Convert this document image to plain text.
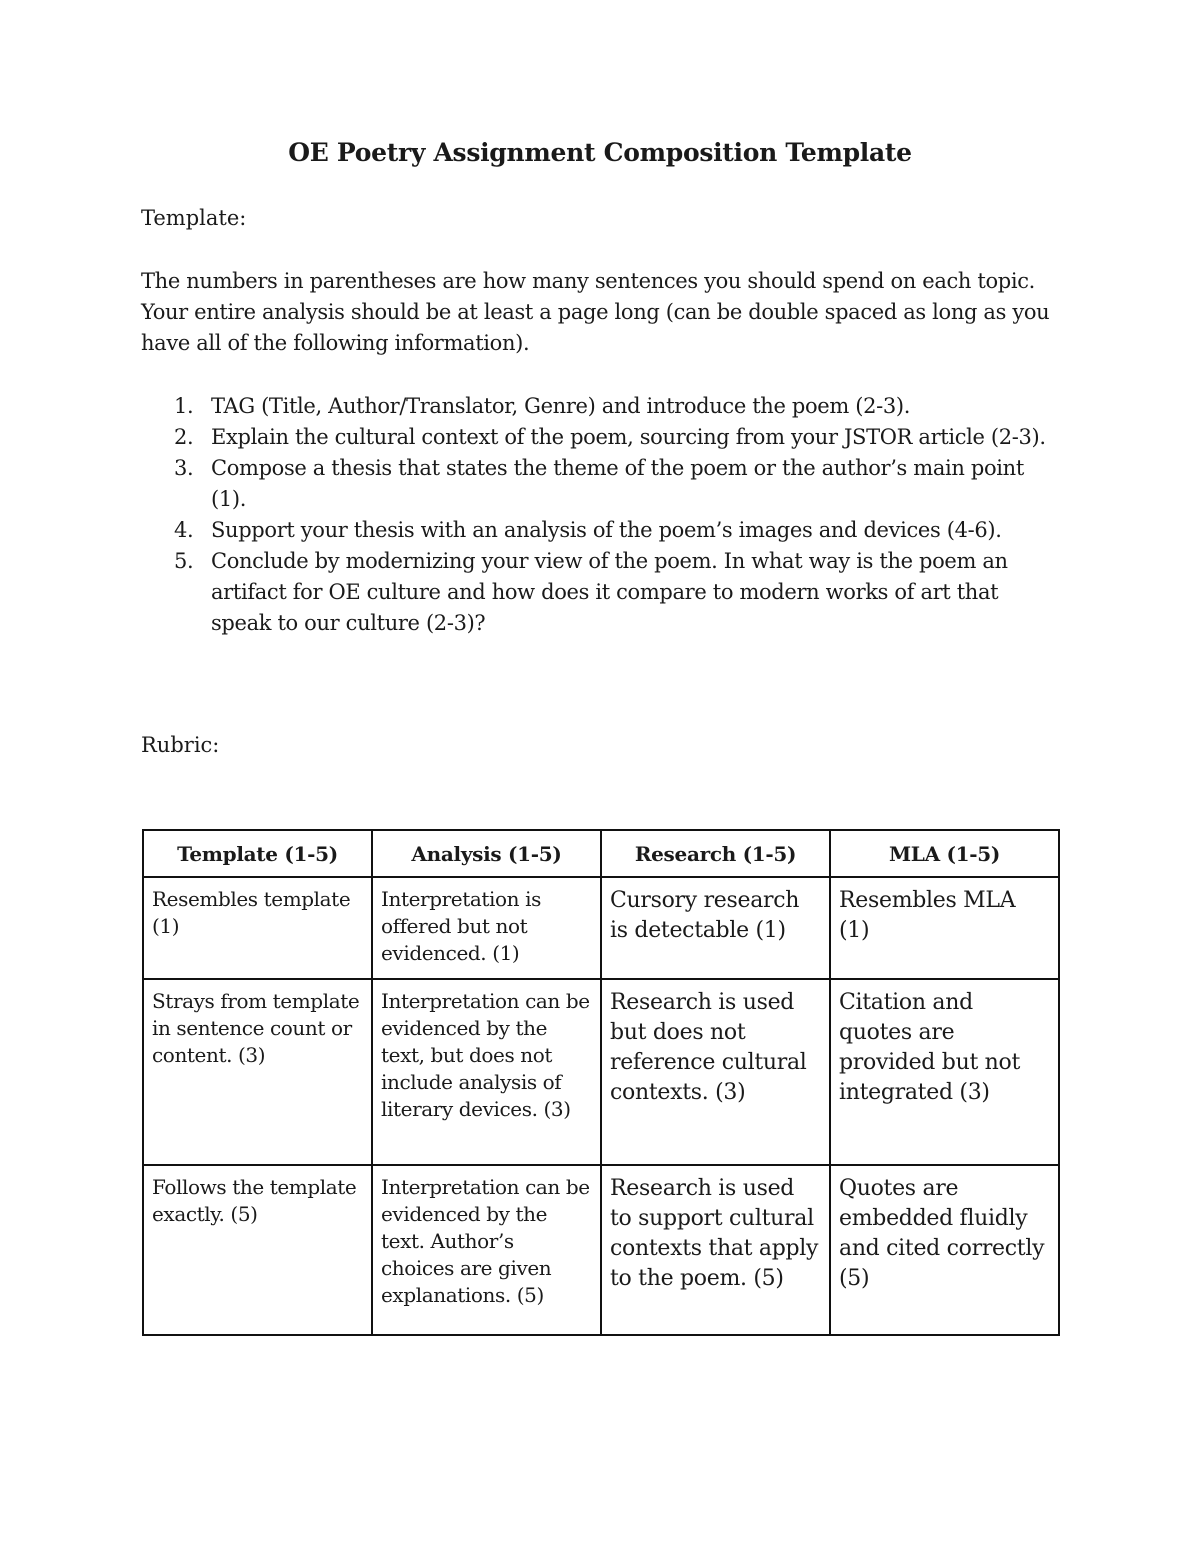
OE Poetry Assignment Composition Template
Template:
The numbers in parentheses are how many sentences you should spend on each topic. Your entire analysis should be at least a page long (can be double spaced as long as you have all of the following information).
1. TAG (Title, Author/Translator, Genre) and introduce the poem (2-3).
2. Explain the cultural context of the poem, sourcing from your JSTOR article (2-3).
3. Compose a thesis that states the theme of the poem or the author’s main point (1).
4. Support your thesis with an analysis of the poem’s images and devices (4-6).
5. Conclude by modernizing your view of the poem. In what way is the poem an artifact for OE culture and how does it compare to modern works of art that speak to our culture (2-3)?
Rubric:
Template (1-5)	Analysis (1-5)	Research (1-5)	MLA (1-5)
Resembles template (1)	Interpretation is offered but not evidenced. (1)	Cursory research is detectable (1)	Resembles MLA (1)
Strays from template in sentence count or content. (3)	Interpretation can be evidenced by the text, but does not include analysis of literary devices. (3)	Research is used but does not reference cultural contexts. (3)	Citation and quotes are provided but not integrated (3)
Follows the template exactly. (5)	Interpretation can be evidenced by the text. Author’s choices are given explanations. (5)	Research is used to support cultural contexts that apply to the poem. (5)	Quotes are embedded fluidly and cited correctly (5)
